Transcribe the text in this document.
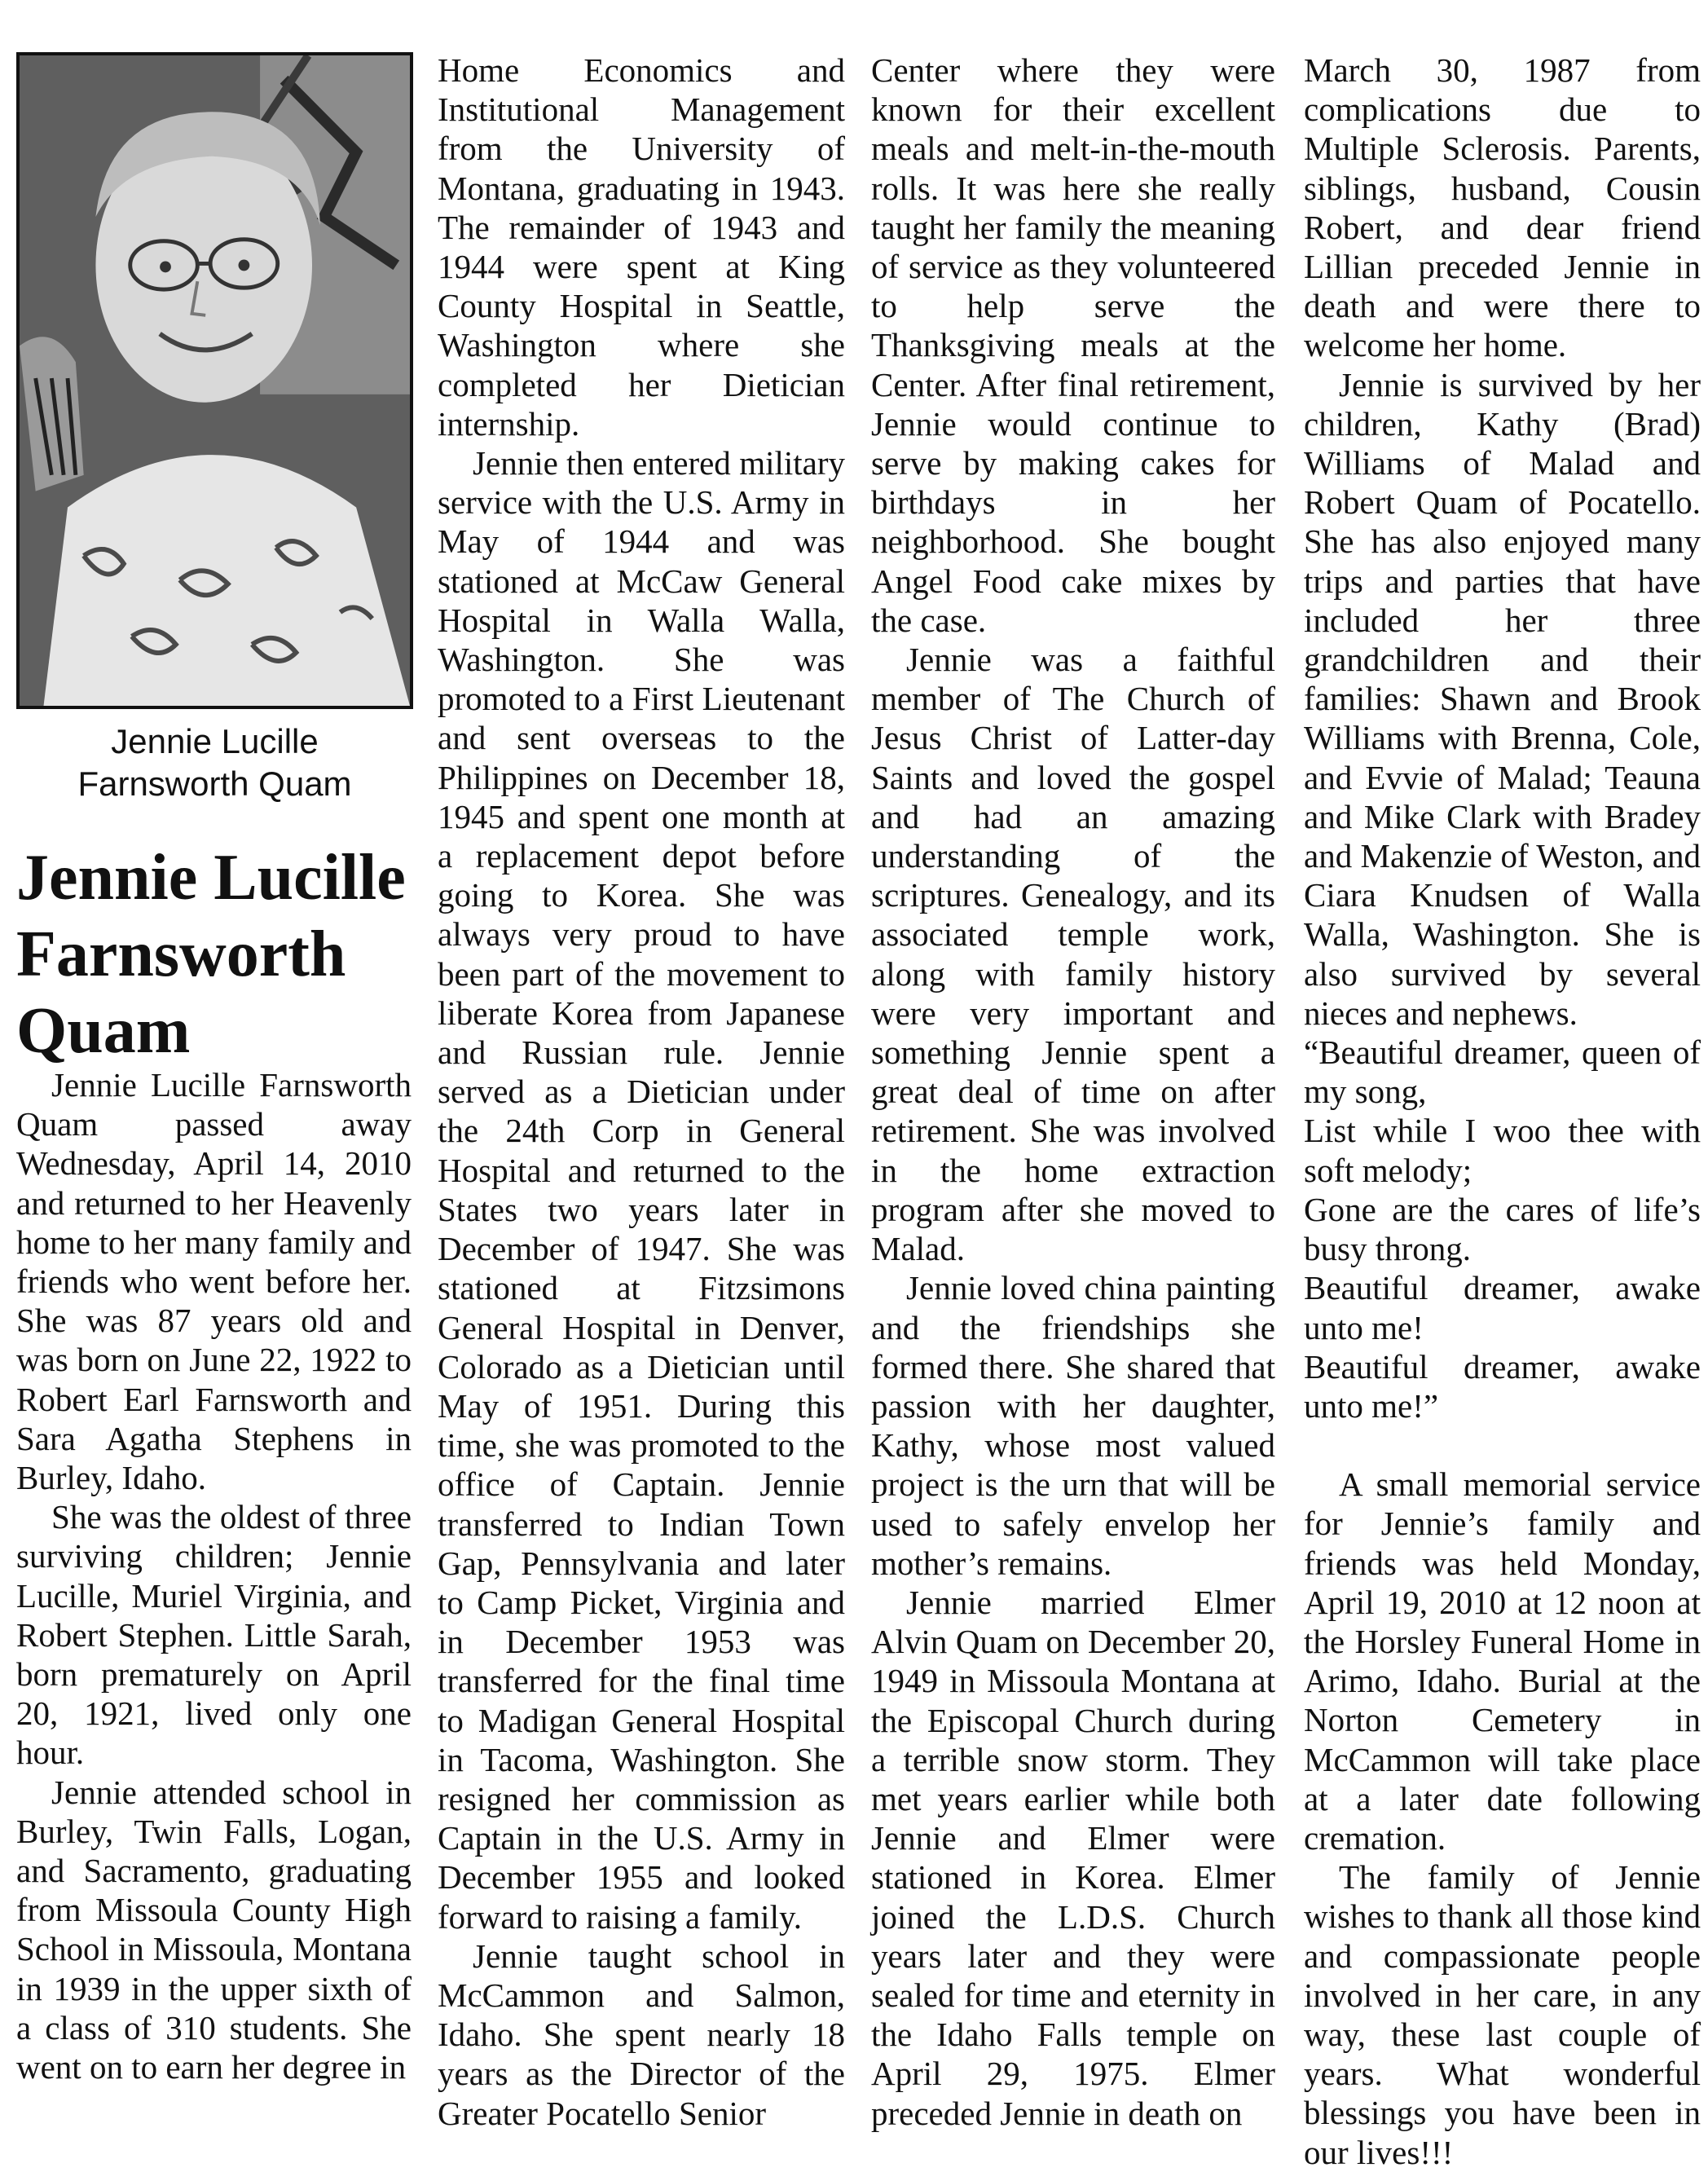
Jennie Lucille
Farnsworth Quam
Jennie Lucille
Farnsworth
Quam

Jennie Lucille Farnsworth Quam passed away Wednesday, April 14, 2010 and returned to her Heavenly home to her many family and friends who went before her. She was 87 years old and was born on June 22, 1922 to Robert Earl Farnsworth and Sara Agatha Stephens in Burley, Idaho.

She was the oldest of three surviving children; Jennie Lucille, Muriel Virginia, and Robert Stephen. Little Sarah, born prematurely on April 20, 1921, lived only one hour.

Jennie attended school in Burley, Twin Falls, Logan, and Sacramento, graduating from Missoula County High School in Missoula, Montana in 1939 in the upper sixth of a class of 310 students. She went on to earn her degree in

Home Economics and Institutional Management from the University of Montana, graduating in 1943. The remainder of 1943 and 1944 were spent at King County Hospital in Seattle, Washington where she completed her Dietician internship.

Jennie then entered military service with the U.S. Army in May of 1944 and was stationed at McCaw General Hospital in Walla Walla, Washington. She was promoted to a First Lieutenant and sent overseas to the Philippines on December 18, 1945 and spent one month at a replacement depot before going to Korea. She was always very proud to have been part of the movement to liberate Korea from Japanese and Russian rule. Jennie served as a Dietician under the 24th Corp in General Hospital and returned to the States two years later in December of 1947. She was stationed at Fitzsimons General Hospital in Denver, Colorado as a Dietician until May of 1951. During this time, she was promoted to the office of Captain. Jennie transferred to Indian Town Gap, Pennsylvania and later to Camp Picket, Virginia and in December 1953 was transferred for the final time to Madigan General Hospital in Tacoma, Washington. She resigned her commission as Captain in the U.S. Army in December 1955 and looked forward to raising a family.

Jennie taught school in McCammon and Salmon, Idaho. She spent nearly 18 years as the Director of the Greater Pocatello Senior

Center where they were known for their excellent meals and melt-in-the-mouth rolls. It was here she really taught her family the meaning of service as they volunteered to help serve the Thanksgiving meals at the Center. After final retirement, Jennie would continue to serve by making cakes for birthdays in her neighborhood. She bought Angel Food cake mixes by the case.

Jennie was a faithful member of The Church of Jesus Christ of Latter-day Saints and loved the gospel and had an amazing understanding of the scriptures. Genealogy, and its associated temple work, along with family history were very important and something Jennie spent a great deal of time on after retirement. She was involved in the home extraction program after she moved to Malad.

Jennie loved china painting and the friendships she formed there. She shared that passion with her daughter, Kathy, whose most valued project is the urn that will be used to safely envelop her mother’s remains.

Jennie married Elmer Alvin Quam on December 20, 1949 in Missoula Montana at the Episcopal Church during a terrible snow storm. They met years earlier while both Jennie and Elmer were stationed in Korea. Elmer joined the L.D.S. Church years later and they were sealed for time and eternity in the Idaho Falls temple on April 29, 1975. Elmer preceded Jennie in death on

March 30, 1987 from complications due to Multiple Sclerosis. Parents, siblings, husband, Cousin Robert, and dear friend Lillian preceded Jennie in death and were there to welcome her home.

Jennie is survived by her children, Kathy (Brad) Williams of Malad and Robert Quam of Pocatello. She has also enjoyed many trips and parties that have included her three grandchildren and their families: Shawn and Brook Williams with Brenna, Cole, and Evvie of Malad; Teauna and Mike Clark with Bradey and Makenzie of Weston, and Ciara Knudsen of Walla Walla, Washington. She is also survived by several nieces and nephews.

“Beautiful dreamer, queen of my song,

List while I woo thee with soft melody;

Gone are the cares of life’s busy throng.

Beautiful dreamer, awake unto me!

Beautiful dreamer, awake unto me!”

A small memorial service for Jennie’s family and friends was held Monday, April 19, 2010 at 12 noon at the Horsley Funeral Home in Arimo, Idaho. Burial at the Norton Cemetery in McCammon will take place at a later date following cremation.

The family of Jennie wishes to thank all those kind and compassionate people involved in her care, in any way, these last couple of years. What wonderful blessings you have been in our lives!!!
